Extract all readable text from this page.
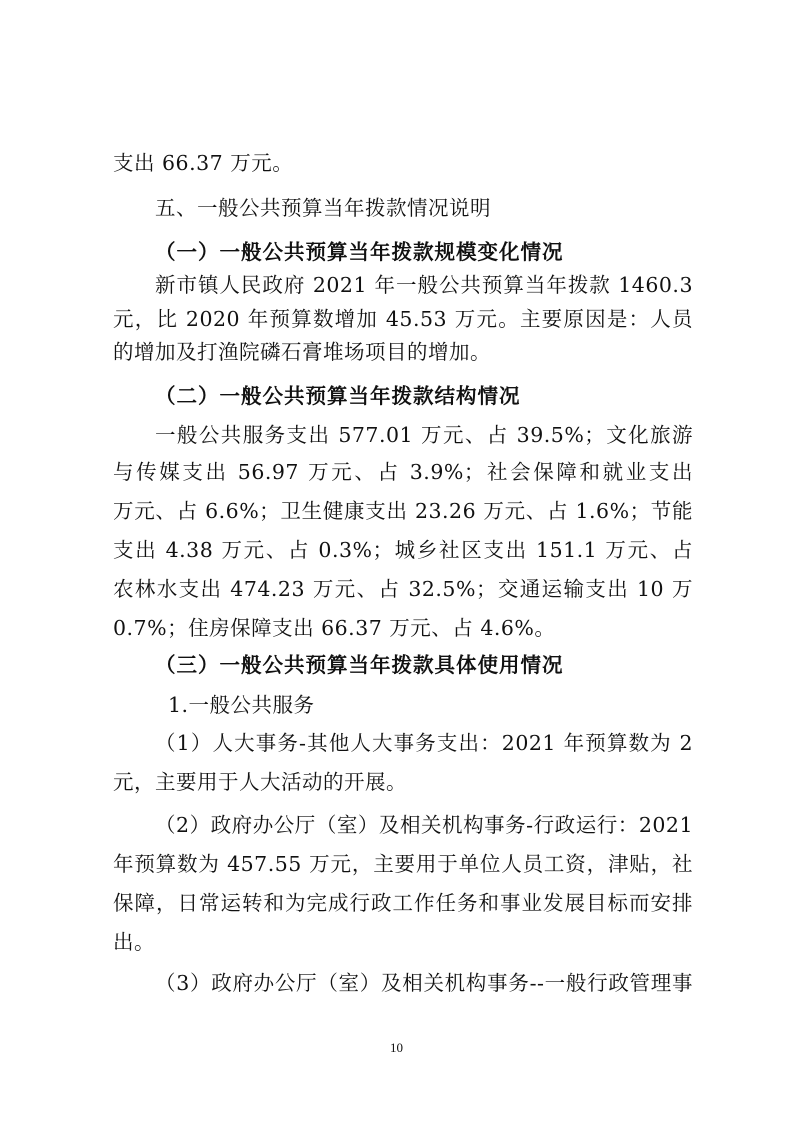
支出 66.37 万元。
五、一般公共预算当年拨款情况说明
（一）一般公共预算当年拨款规模变化情况
新市镇人民政府 2021 年一般公共预算当年拨款 1460.3
元，比 2020 年预算数增加 45.53 万元。主要原因是：人员
的增加及打渔院磷石膏堆场项目的增加。
（二）一般公共预算当年拨款结构情况
一般公共服务支出 577.01 万元、占 39.5%；文化旅游
与传媒支出 56.97 万元、占 3.9%；社会保障和就业支出
万元、占 6.6%；卫生健康支出 23.26 万元、占 1.6%；节能
支出 4.38 万元、占 0.3%；城乡社区支出 151.1 万元、占
农林水支出 474.23 万元、占 32.5%；交通运输支出 10 万
0.7%；住房保障支出 66.37 万元、占 4.6%。
（三）一般公共预算当年拨款具体使用情况
1.一般公共服务
（1）人大事务-其他人大事务支出：2021 年预算数为 2
元，主要用于人大活动的开展。
（2）政府办公厅（室）及相关机构事务-行政运行：2021
年预算数为 457.55 万元，主要用于单位人员工资，津贴，社
保障，日常运转和为完成行政工作任务和事业发展目标而安排
出。
（3）政府办公厅（室）及相关机构事务--一般行政管理事
10
